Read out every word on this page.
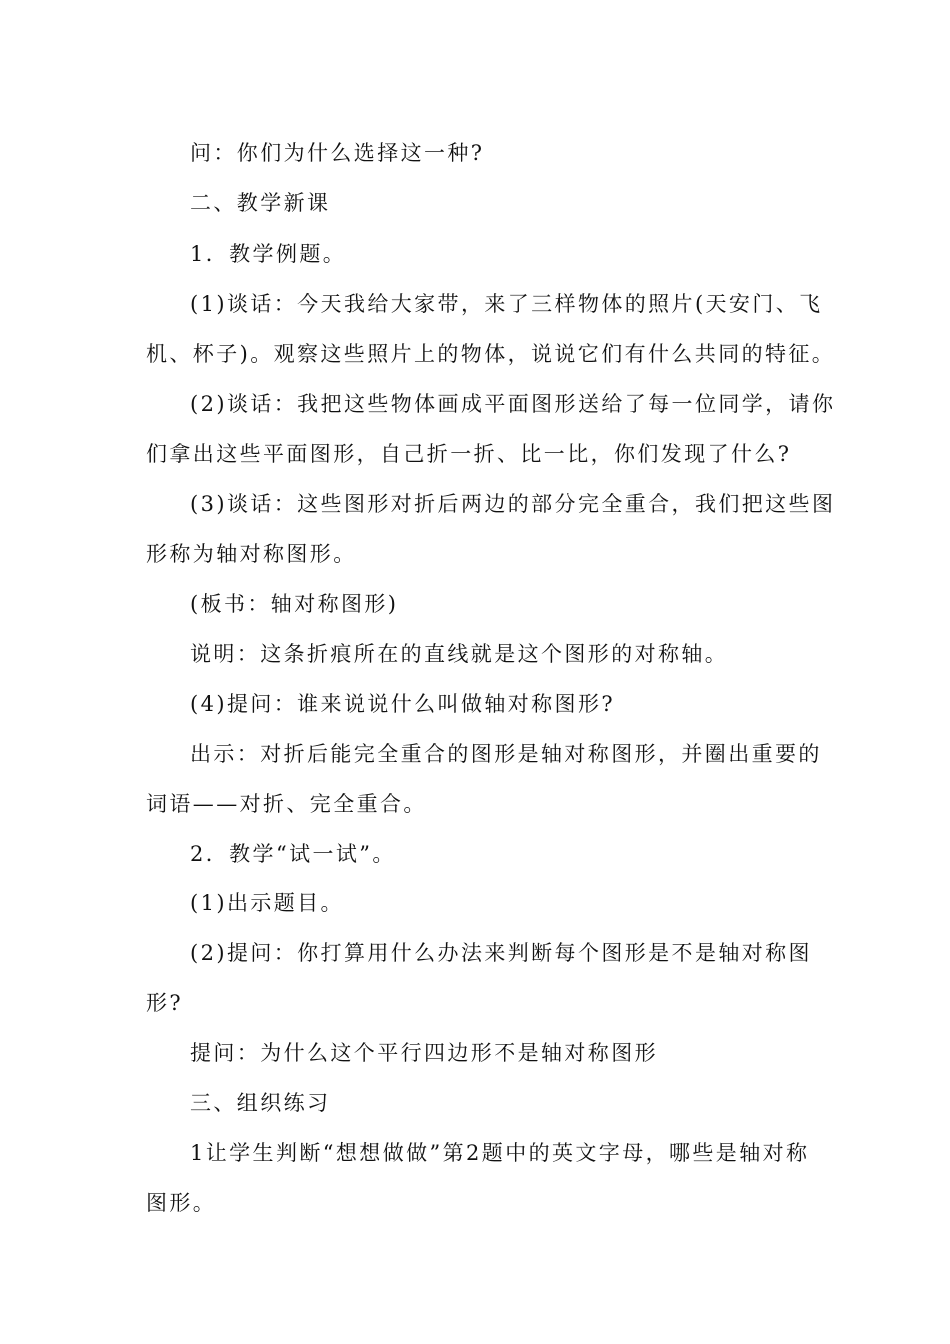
问：你们为什么选择这一种?
二、教学新课
1．教学例题。
(1)谈话：今天我给大家带，来了三样物体的照片(天安门、飞
机、杯子)。观察这些照片上的物体，说说它们有什么共同的特征。
(2)谈话：我把这些物体画成平面图形送给了每一位同学，请你
们拿出这些平面图形，自己折一折、比一比，你们发现了什么?
(3)谈话：这些图形对折后两边的部分完全重合，我们把这些图
形称为轴对称图形。
(板书：轴对称图形)
说明：这条折痕所在的直线就是这个图形的对称轴。
(4)提问：谁来说说什么叫做轴对称图形?
出示：对折后能完全重合的图形是轴对称图形，并圈出重要的
词语——对折、完全重合。
2．教学“试一试”。
(1)出示题目。
(2)提问：你打算用什么办法来判断每个图形是不是轴对称图
形?
提问：为什么这个平行四边形不是轴对称图形
三、组织练习
1让学生判断“想想做做”第2题中的英文字母，哪些是轴对称
图形。
